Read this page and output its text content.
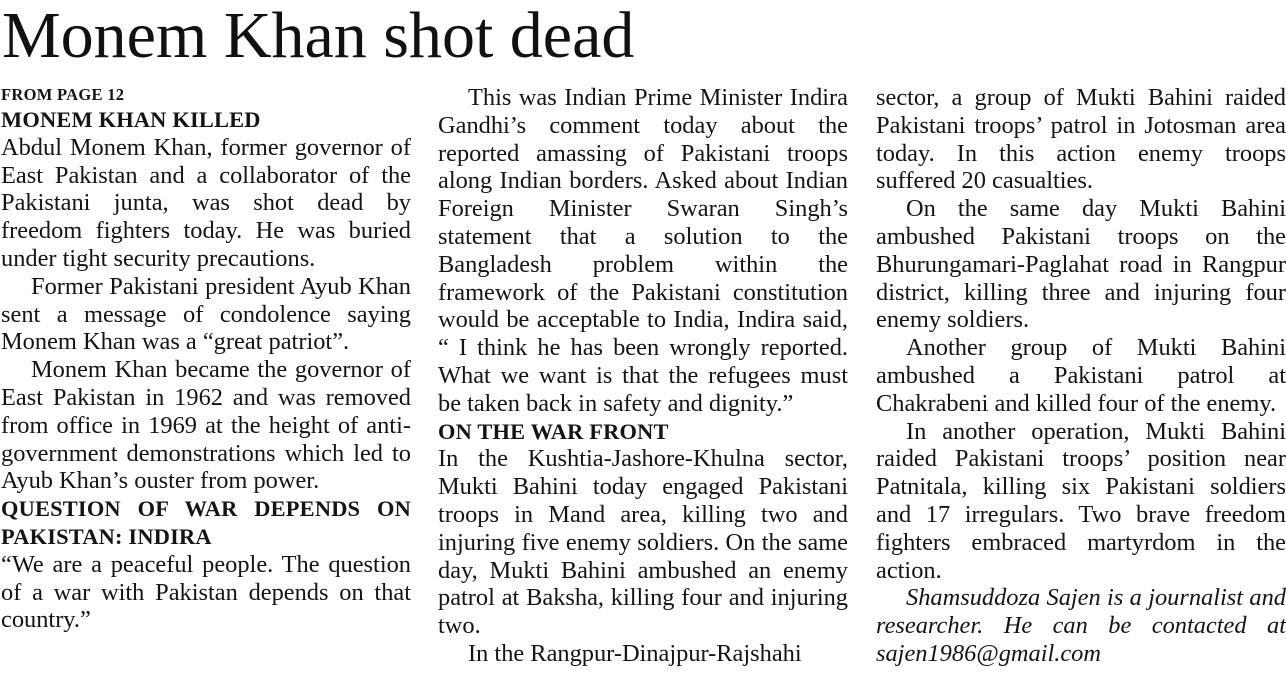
Monem Khan shot dead
FROM PAGE 12
MONEM KHAN KILLED

Abdul Monem Khan, former governor of East Pakistan and a collaborator of the Pakistani junta, was shot dead by freedom fighters today. He was buried under tight security precautions.

Former Pakistani president Ayub Khan sent a message of condolence saying Monem Khan was a “great patriot”.

Monem Khan became the governor of East Pakistan in 1962 and was removed from office in 1969 at the height of anti-government demonstrations which led to Ayub Khan’s ouster from power.

QUESTION OF WAR DEPENDS ON PAKISTAN: INDIRA

“We are a peaceful people. The question of a war with Pakistan depends on that country.”

This was Indian Prime Minister Indira Gandhi’s comment today about the reported amassing of Pakistani troops along Indian borders. Asked about Indian Foreign Minister Swaran Singh’s statement that a solution to the Bangladesh problem within the framework of the Pakistani constitution would be acceptable to India, Indira said, “ I think he has been wrongly reported. What we want is that the refugees must be taken back in safety and dignity.”

ON THE WAR FRONT

In the Kushtia-Jashore-Khulna sector, Mukti Bahini today engaged Pakistani troops in Mand area, killing two and injuring five enemy soldiers. On the same day, Mukti Bahini ambushed an enemy patrol at Baksha, killing four and injuring two.

In the Rangpur-Dinajpur-Rajshahi

sector, a group of Mukti Bahini raided Pakistani troops’ patrol in Jotosman area today. In this action enemy troops suffered 20 casualties.

On the same day Mukti Bahini ambushed Pakistani troops on the Bhurungamari-Paglahat road in Rangpur district, killing three and injuring four enemy soldiers.

Another group of Mukti Bahini ambushed a Pakistani patrol at Chakrabeni and killed four of the enemy.

In another operation, Mukti Bahini raided Pakistani troops’ position near Patnitala, killing six Pakistani soldiers and 17 irregulars. Two brave freedom fighters embraced martyrdom in the action.

Shamsuddoza Sajen is a journalist and researcher. He can be contacted at sajen1986@gmail.com
